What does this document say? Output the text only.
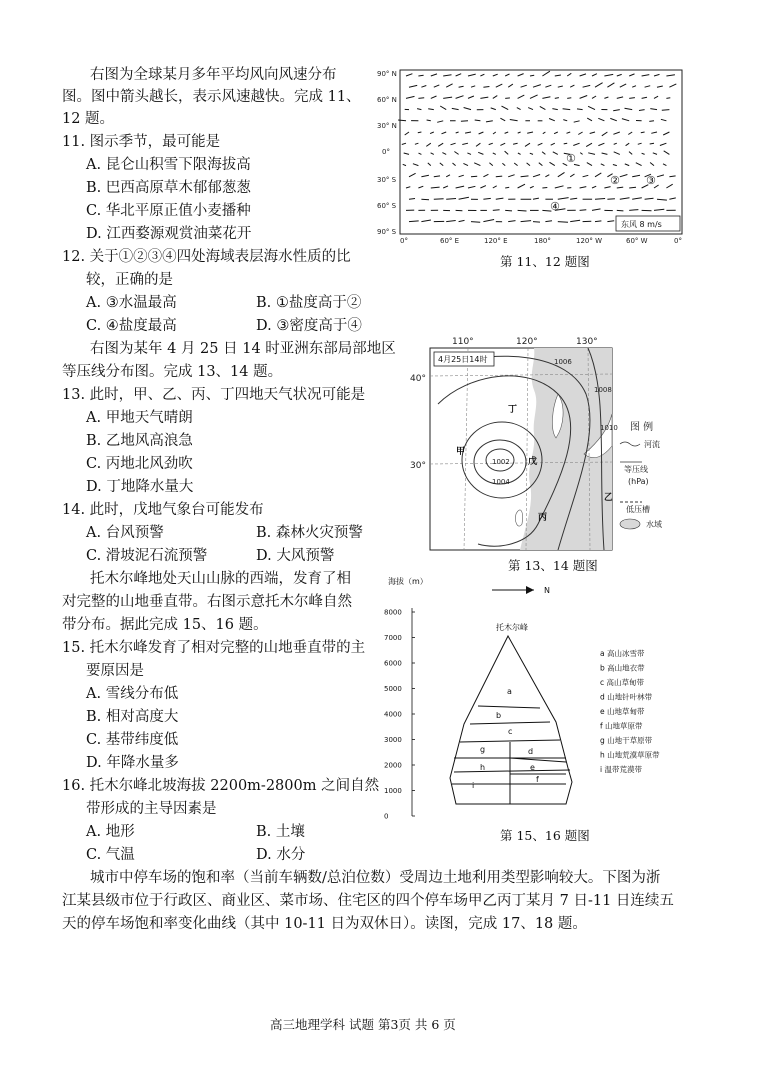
右图为全球某月多年平均风向风速分布
图。图中箭头越长，表示风速越快。完成 11、
12 题。
11. 图示季节，最可能是
A. 昆仑山积雪下限海拔高
B. 巴西高原草木郁郁葱葱
C. 华北平原正值小麦播种
D. 江西婺源观赏油菜花开
12. 关于①②③④四处海域表层海水性质的比
较，正确的是
A. ③水温最高	B. ①盐度高于②
C. ④盐度最高	D. ③密度高于④
右图为某年 4 月 25 日 14 时亚洲东部局部地区
等压线分布图。完成 13、14 题。
13. 此时，甲、乙、丙、丁四地天气状况可能是
A. 甲地天气晴朗
B. 乙地风高浪急
C. 丙地北风劲吹
D. 丁地降水量大
14. 此时，戊地气象台可能发布
A. 台风预警	B. 森林火灾预警
C. 滑坡泥石流预警	D. 大风预警
托木尔峰地处天山山脉的西端，发育了相
对完整的山地垂直带。右图示意托木尔峰自然
带分布。据此完成 15、16 题。
15. 托木尔峰发育了相对完整的山地垂直带的主
要原因是
A. 雪线分布低
B. 相对高度大
C. 基带纬度低
D. 年降水量多
16. 托木尔峰北坡海拔 2200m-2800m 之间自然
带形成的主导因素是
A. 地形	B. 土壤
C. 气温	D. 水分
城市中停车场的饱和率（当前车辆数/总泊位数）受周边土地利用类型影响较大。下图为浙
江某县级市位于行政区、商业区、菜市场、住宅区的四个停车场甲乙丙丁某月 7 日-11 日连续五
天的停车场饱和率变化曲线（其中 10-11 日为双休日）。读图，完成 17、18 题。
90° N
60° N
30° N
0°
30° S
60° S
90° S
0°	60° E	120° E	180°	120° W	60° W	0°
①
② ③
④
东风 8 m/s
第 11、12 题图
110°	120°	130°
40°
30°
1006
1008
1010
1004
1002
4月25日14时
甲
乙
丙
丁
戊
图 例
河流
等压线
(hPa)
低压槽
水域
第 13、14 题图
海拔（m）
N
8000
7000
6000
5000
4000
3000
2000
1000
0
托木尔峰
a
b
c
d
g
h	e
f
i
a 高山冰雪带
b 高山地衣带
c 高山草甸带
d 山地针叶林带
e 山地草甸带
f 山地草原带
g 山地干草原带
h 山地荒漠草原带
i 温带荒漠带
第 15、16 题图
高三地理学科 试题 第3页 共 6 页
